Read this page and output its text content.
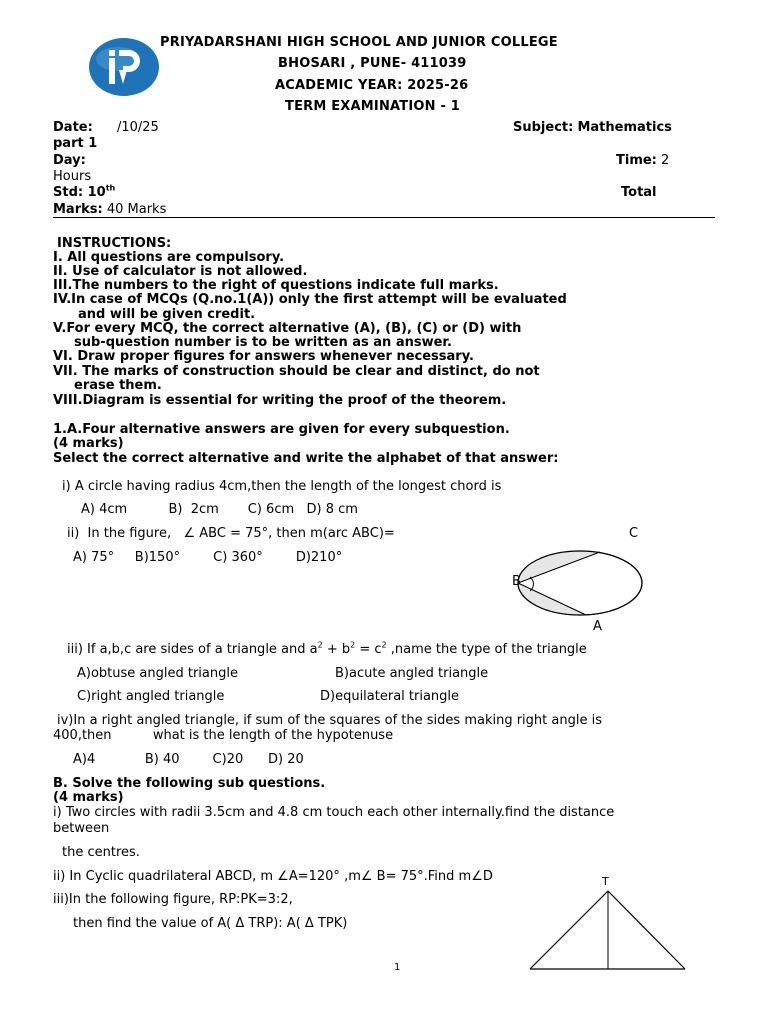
PRIYADARSHANI HIGH SCHOOL AND JUNIOR COLLEGE
BHOSARI , PUNE- 411039
ACADEMIC YEAR: 2025-26
TERM EXAMINATION - 1
Date: /10/25	Subject: Mathematics
part 1
Day:	Time: 2
Hours
Std: 10th	Total
Marks: 40 Marks
INSTRUCTIONS:
I. All questions are compulsory.
II. Use of calculator is not allowed.
III.The numbers to the right of questions indicate full marks.
IV.In case of MCQs (Q.no.1(A)) only the first attempt will be evaluated
and will be given credit.
V.For every MCQ, the correct alternative (A), (B), (C) or (D) with
sub-question number is to be written as an answer.
VI. Draw proper figures for answers whenever necessary.
VII. The marks of construction should be clear and distinct, do not
erase them.
VIII.Diagram is essential for writing the proof of the theorem.
1.A.Four alternative answers are given for every subquestion.
(4 marks)
Select the correct alternative and write the alphabet of that answer:
i) A circle having radius 4cm,then the length of the longest chord is
A) 4cm          B)  2cm       C) 6cm   D) 8 cm
ii)  In the figure,   ∠ ABC = 75°, then m(arc ABC)=	C
A) 75°     B)150°        C) 360°        D)210°
B
A
iii) If a,b,c are sides of a triangle and $a^2 + b^2 = c^2$ ,name the type of the triangle
A)obtuse angled triangle	B)acute angled triangle
C)right angled triangle	D)equilateral triangle
iv)In a right angled triangle, if sum of the squares of the sides making right angle is
400,then          what is the length of the hypotenuse
A)4            B) 40        C)20      D) 20
B. Solve the following sub questions.
(4 marks)
i) Two circles with radii 3.5cm and 4.8 cm touch each other internally.find the distance
between
the centres.
ii) In Cyclic quadrilateral ABCD, m ∠A=120° ,m∠ B= 75°.Find m∠D
iii)In the following figure, RP:PK=3:2,
then find the value of A( Δ TRP): A( Δ TPK)
T
1
